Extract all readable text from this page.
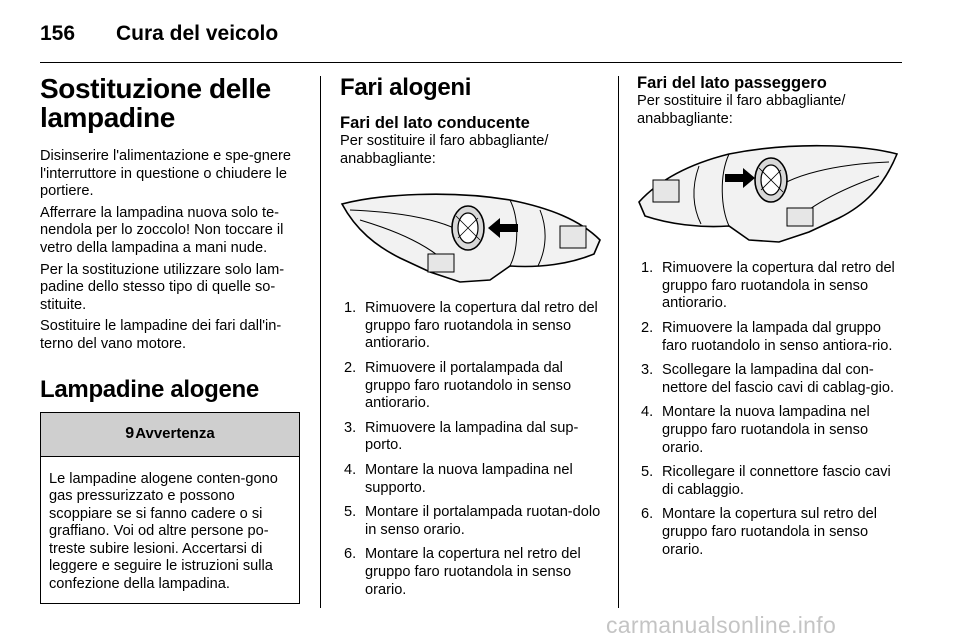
156 Cura del veicolo
Sostituzione delle lampadine

Disinserire l'alimentazione e spe-gnere l'interruttore in questione o chiudere le portiere.

Afferrare la lampadina nuova solo te-nendola per lo zoccolo! Non toccare il vetro della lampadina a mani nude.

Per la sostituzione utilizzare solo lam-padine dello stesso tipo di quelle so-stituite.

Sostituire le lampadine dei fari dall'in-terno del vano motore.

Lampadine alogene
9 Avvertenza
Le lampadine alogene conten-gono gas pressurizzato e possono scoppiare se si fanno cadere o si graffiano. Voi od altre persone po-treste subire lesioni. Accertarsi di leggere e seguire le istruzioni sulla confezione della lampadina.
Fari alogeni
Fari del lato conducente

Per sostituire il faro abbagliante/ anabbagliante:

1. Rimuovere la copertura dal retro del gruppo faro ruotandola in senso antiorario.
2. Rimuovere il portalampada dal gruppo faro ruotandolo in senso antiorario.
3. Rimuovere la lampadina dal sup-porto.
4. Montare la nuova lampadina nel supporto.
5. Montare il portalampada ruotan-dolo in senso orario.
6. Montare la copertura nel retro del gruppo faro ruotandola in senso orario.
Fari del lato passeggero

Per sostituire il faro abbagliante/ anabbagliante:

1. Rimuovere la copertura dal retro del gruppo faro ruotandola in senso antiorario.
2. Rimuovere la lampada dal gruppo faro ruotandolo in senso antiora-rio.
3. Scollegare la lampadina dal con-nettore del fascio cavi di cablag-gio.
4. Montare la nuova lampadina nel gruppo faro ruotandola in senso orario.
5. Ricollegare il connettore fascio cavi di cablaggio.
6. Montare la copertura sul retro del gruppo faro ruotandola in senso orario.
carmanualsonline.info
